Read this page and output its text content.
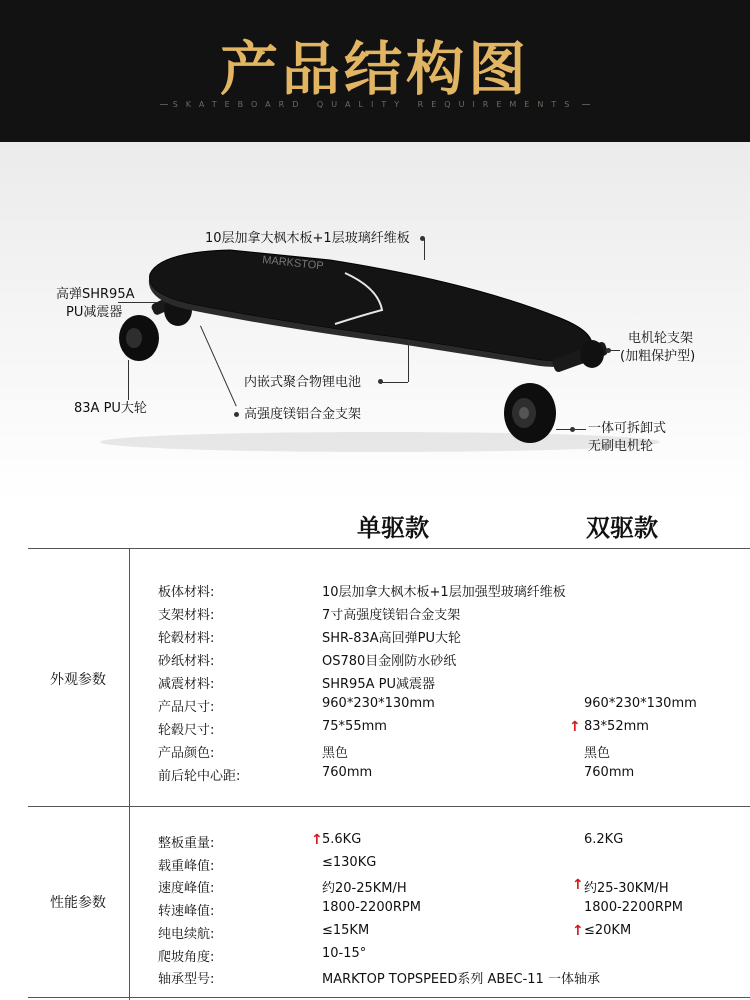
产品结构图
SKATEBOARD QUALITY REQUIREMENTS
MARKSTOP
10层加拿大枫木板+1层玻璃纤维板
高弹SHR95A
PU减震器
83A PU大轮
内嵌式聚合物锂电池
高强度镁铝合金支架
电机轮支架
(加粗保护型)
一体可拆卸式
无刷电机轮
单驱款	双驱款
外观参数
性能参数
板体材料:	10层加拿大枫木板+1层加强型玻璃纤维板
支架材料:	7寸高强度镁铝合金支架
轮毂材料:	SHR-83A高回弹PU大轮
砂纸材料:	OS780目金刚防水砂纸
减震材料:	SHR95A PU减震器
产品尺寸:	960*230*130mm	960*230*130mm
轮毂尺寸:	75*55mm	↑ 83*52mm
产品颜色:	黑色	黑色
前后轮中心距:	760mm	760mm
整板重量:	↑ 5.6KG	6.2KG
载重峰值:	≤130KG
速度峰值:	约20-25KM/H	↑ 约25-30KM/H
转速峰值:	1800-2200RPM	1800-2200RPM
纯电续航:	≤15KM	↑ ≤20KM
爬坡角度:	10-15°
轴承型号:	MARKTOP TOPSPEED系列 ABEC-11 一体轴承
